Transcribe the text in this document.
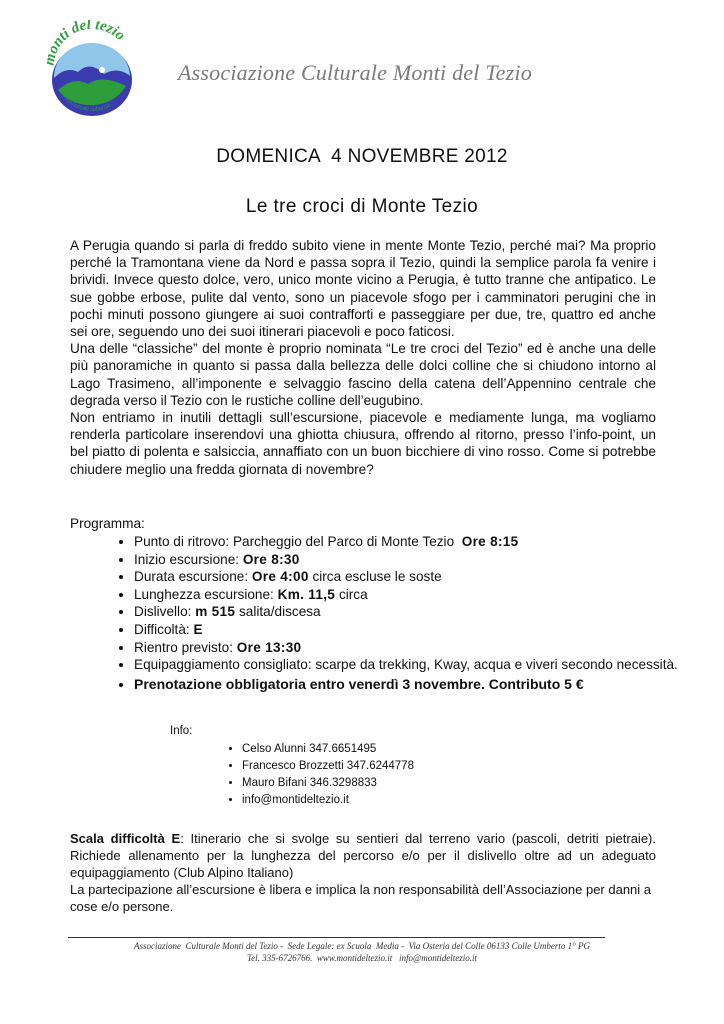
monti del tezio
associazione culturale
Associazione Culturale Monti del Tezio
DOMENICA  4 NOVEMBRE 2012
Le tre croci di Monte Tezio

A Perugia quando si parla di freddo subito viene in mente Monte Tezio, perché mai? Ma proprio perché la Tramontana viene da Nord e passa sopra il Tezio, quindi la semplice parola fa venire i brividi. Invece questo dolce, vero, unico monte vicino a Perugia, è tutto tranne che antipatico. Le sue gobbe erbose, pulite dal vento, sono un piacevole sfogo per i camminatori perugini che in pochi minuti possono giungere ai suoi contrafforti e passeggiare per due, tre, quattro ed anche sei ore, seguendo uno dei suoi itinerari piacevoli e poco faticosi.

Una delle “classiche” del monte è proprio nominata “Le tre croci del Tezio” ed è anche una delle più panoramiche in quanto si passa dalla bellezza delle dolci colline che si chiudono intorno al Lago Trasimeno, all’imponente e selvaggio fascino della catena dell’Appennino centrale che degrada verso il Tezio con le rustiche colline dell’eugubino.

Non entriamo in inutili dettagli sull’escursione, piacevole e mediamente lunga, ma vogliamo renderla particolare inserendovi una ghiotta chiusura, offrendo al ritorno, presso l’info-point, un bel piatto di polenta e salsiccia, annaffiato con un buon bicchiere di vino rosso. Come si potrebbe chiudere meglio una fredda giornata di novembre?

Programma:
• Punto di ritrovo: Parcheggio del Parco di Monte Tezio  Ore 8:15
• Inizio escursione: Ore 8:30
• Durata escursione: Ore 4:00 circa escluse le soste
• Lunghezza escursione: Km. 11,5 circa
• Dislivello: m 515 salita/discesa
• Difficoltà: E
• Rientro previsto: Ore 13:30
• Equipaggiamento consigliato: scarpe da trekking, Kway, acqua e viveri secondo necessità.
• Prenotazione obbligatoria entro venerdì 3 novembre. Contributo 5 €
Info:
• Celso Alunni 347.6651495
• Francesco Brozzetti 347.6244778
• Mauro Bifani 346.3298833
• info@montideltezio.it

Scala difficoltà E: Itinerario che si svolge su sentieri dal terreno vario (pascoli, detriti pietraie). Richiede allenamento per la lunghezza del percorso e/o per il dislivello oltre ad un adeguato equipaggiamento (Club Alpino Italiano)

La partecipazione all’escursione è libera e implica la non responsabilità dell’Associazione per danni a cose e/o persone.

Associazione  Culturale Monti del Tezio -  Sede Legale: ex Scuola  Media -  Via Osteria del Colle 06133 Colle Umberto 1° PG
Tel. 335-6726766.  www.montideltezio.it   info@montideltezio.it
